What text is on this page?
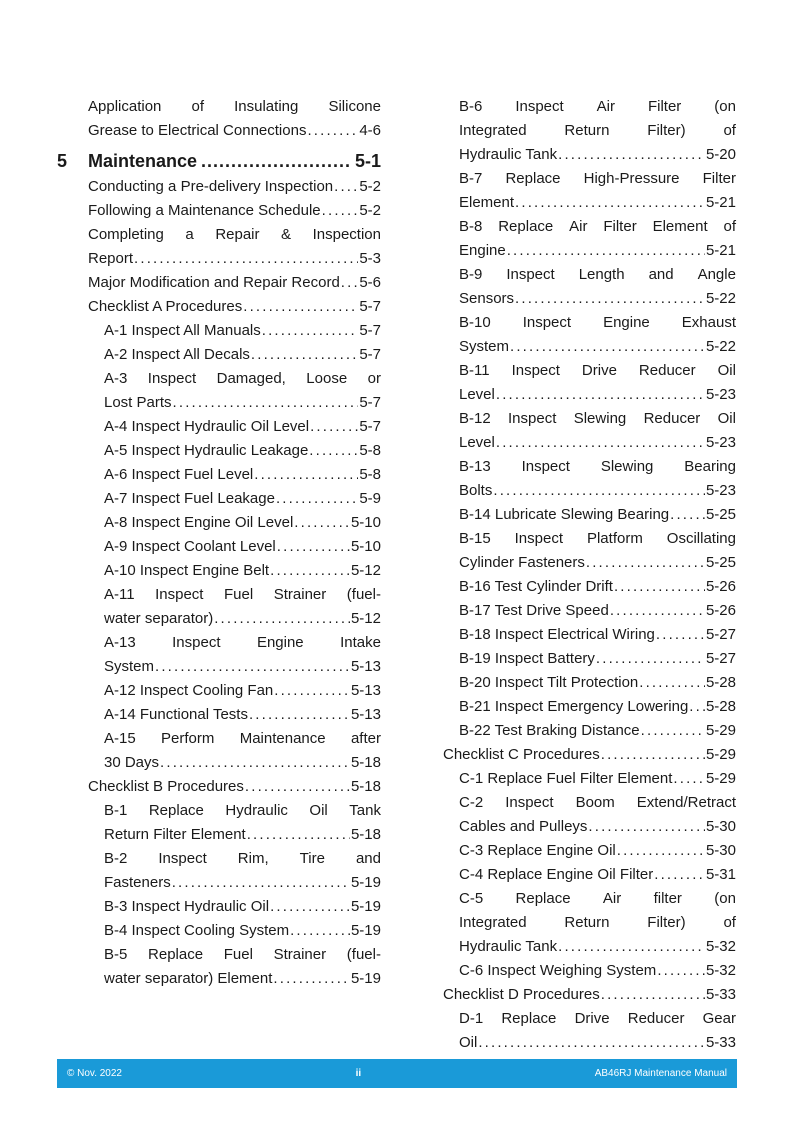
Application of Insulating Silicone
Grease to Electrical Connections . . .	4-6
5	Maintenance .....	5-1
Conducting a Pre-delivery Inspection . . . 5-2
Following a Maintenance Schedule . . .	5-2
Completing a Repair & Inspection
Report . . .	5-3
Major Modification and Repair Record . . . 5-6
Checklist A Procedures . . .	5-7
A-1 Inspect All Manuals . . .	5-7
A-2 Inspect All Decals . . .	5-7
A-3 Inspect Damaged, Loose or
Lost Parts . . .	5-7
A-4 Inspect Hydraulic Oil Level . . .	5-7
A-5 Inspect Hydraulic Leakage . . .	5-8
A-6 Inspect Fuel Level . . .	5-8
A-7 Inspect Fuel Leakage . . .	5-9
A-8 Inspect Engine Oil Level . . .	5-10
A-9 Inspect Coolant Level . . .	5-10
A-10 Inspect Engine Belt . . .	5-12
A-11 Inspect Fuel Strainer (fuel-
water separator) . . .	5-12
A-13 Inspect Engine Intake
System . . .	5-13
A-12 Inspect Cooling Fan . . .	5-13
A-14 Functional Tests . . .	5-13
A-15 Perform Maintenance after
30 Days . . .	5-18
Checklist B Procedures . . .	5-18
B-1 Replace Hydraulic Oil Tank
Return Filter Element . . .	5-18
B-2 Inspect Rim, Tire and
Fasteners . . .	5-19
B-3 Inspect Hydraulic Oil . . .	5-19
B-4 Inspect Cooling System . . .	5-19
B-5 Replace Fuel Strainer (fuel-
water separator) Element . . .	5-19
B-6 Inspect Air Filter (on
Integrated	Return	Filter)	of
Hydraulic Tank . . .	5-20
B-7 Replace High-Pressure Filter
Element . . .	5-21
B-8 Replace Air Filter Element of
Engine . . .	5-21
B-9 Inspect Length and Angle
Sensors . . .	5-22
B-10 Inspect Engine Exhaust
System . . .	5-22
B-11 Inspect Drive Reducer Oil
Level . . .	5-23
B-12 Inspect Slewing Reducer Oil
Level . . .	5-23
B-13 Inspect Slewing Bearing
Bolts . . .	5-23
B-14 Lubricate Slewing Bearing . . . 5-25
B-15 Inspect Platform Oscillating
Cylinder Fasteners . . .	5-25
B-16 Test Cylinder Drift . . .	5-26
B-17 Test Drive Speed . . .	5-26
B-18 Inspect Electrical Wiring . . .	5-27
B-19 Inspect Battery . . .	5-27
B-20 Inspect Tilt Protection . . .	5-28
B-21 Inspect Emergency Lowering . . . 5-28
B-22 Test Braking Distance . . .	5-29
Checklist C Procedures . . .	5-29
C-1 Replace Fuel Filter Element . . . 5-29
C-2 Inspect Boom Extend/Retract
Cables and Pulleys . . .	5-30
C-3 Replace Engine Oil . . .	5-30
C-4 Replace Engine Oil Filter . . .	5-31
C-5 Replace Air filter (on
Integrated	Return	Filter)	of
Hydraulic Tank . . .	5-32
C-6 Inspect Weighing System . . .	5-32
Checklist D Procedures . . .	5-33
D-1 Replace Drive Reducer Gear
Oil . . .	5-33
© Nov. 2022	ii	AB46RJ Maintenance Manual
